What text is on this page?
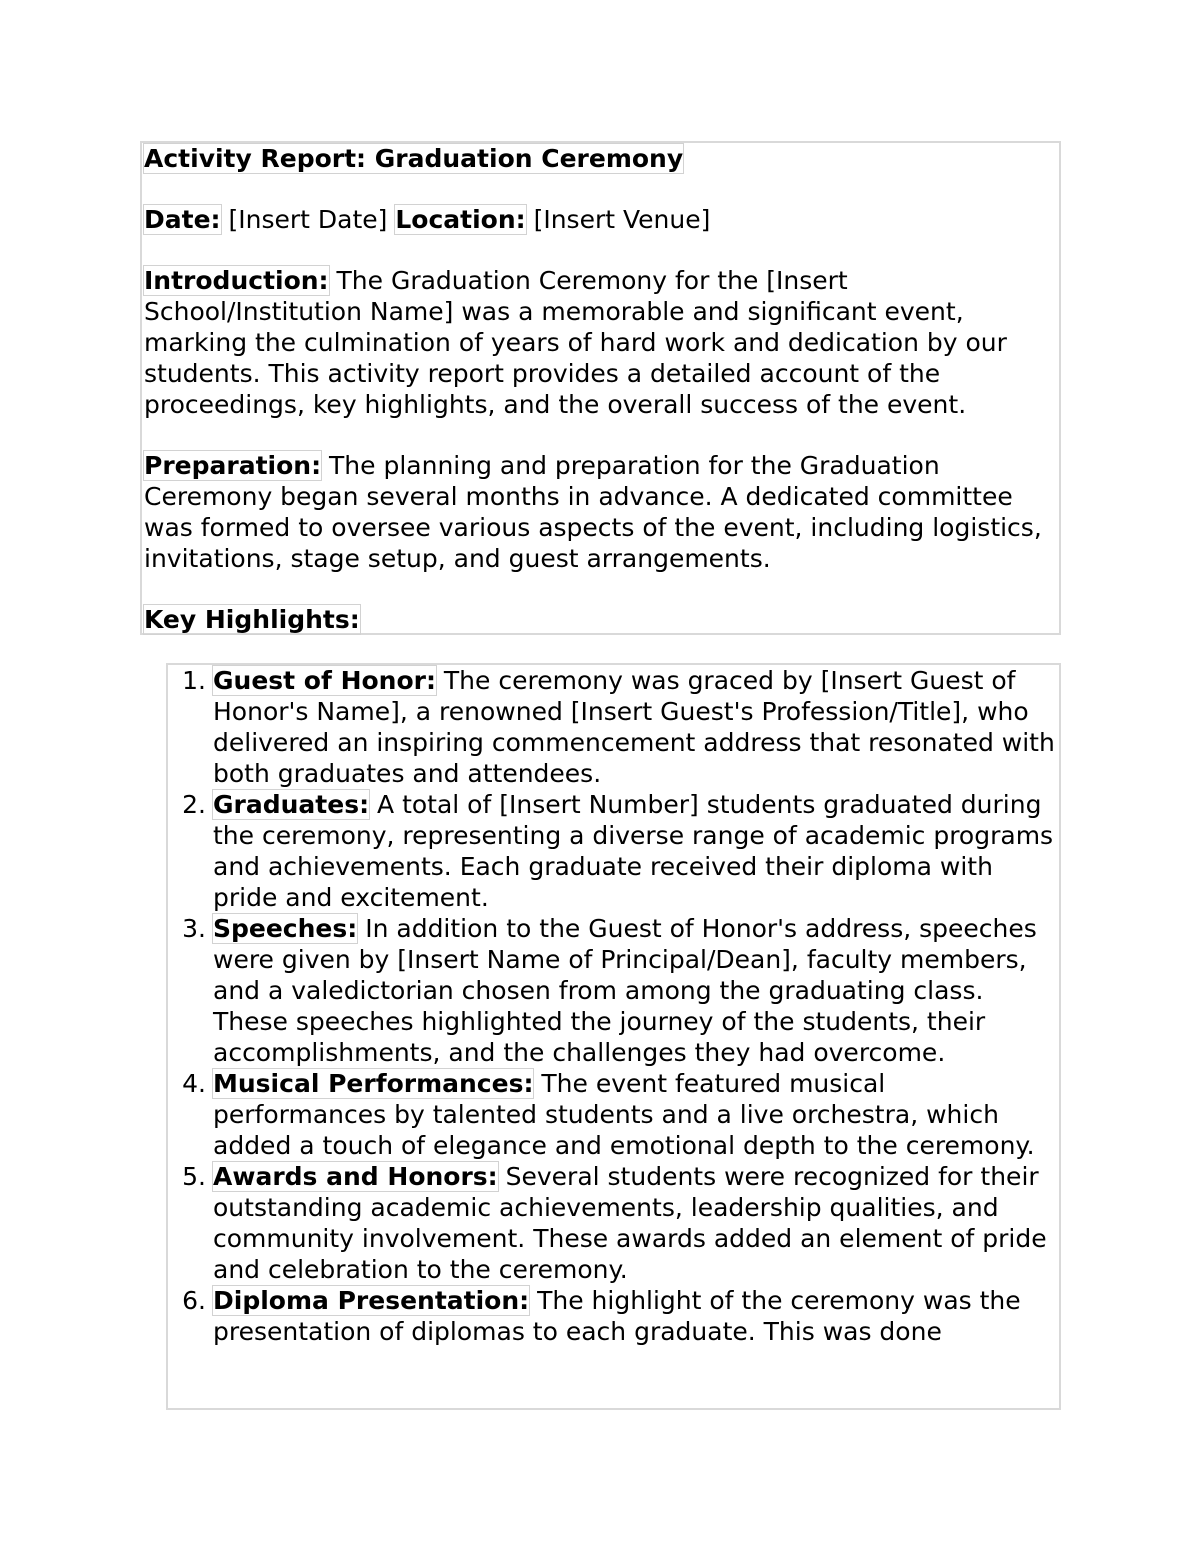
Activity Report: Graduation Ceremony

Date: [Insert Date] Location: [Insert Venue]

Introduction: The Graduation Ceremony for the [Insert School/Institution Name] was a memorable and significant event, marking the culmination of years of hard work and dedication by our students. This activity report provides a detailed account of the proceedings, key highlights, and the overall success of the event.

Preparation: The planning and preparation for the Graduation Ceremony began several months in advance. A dedicated committee was formed to oversee various aspects of the event, including logistics, invitations, stage setup, and guest arrangements.

Key Highlights:

1. Guest of Honor: The ceremony was graced by [Insert Guest of Honor's Name], a renowned [Insert Guest's Profession/Title], who delivered an inspiring commencement address that resonated with both graduates and attendees.
2. Graduates: A total of [Insert Number] students graduated during the ceremony, representing a diverse range of academic programs and achievements. Each graduate received their diploma with pride and excitement.
3. Speeches: In addition to the Guest of Honor's address, speeches were given by [Insert Name of Principal/Dean], faculty members, and a valedictorian chosen from among the graduating class. These speeches highlighted the journey of the students, their accomplishments, and the challenges they had overcome.
4. Musical Performances: The event featured musical performances by talented students and a live orchestra, which added a touch of elegance and emotional depth to the ceremony.
5. Awards and Honors: Several students were recognized for their outstanding academic achievements, leadership qualities, and community involvement. These awards added an element of pride and celebration to the ceremony.
6. Diploma Presentation: The highlight of the ceremony was the presentation of diplomas to each graduate. This was done
